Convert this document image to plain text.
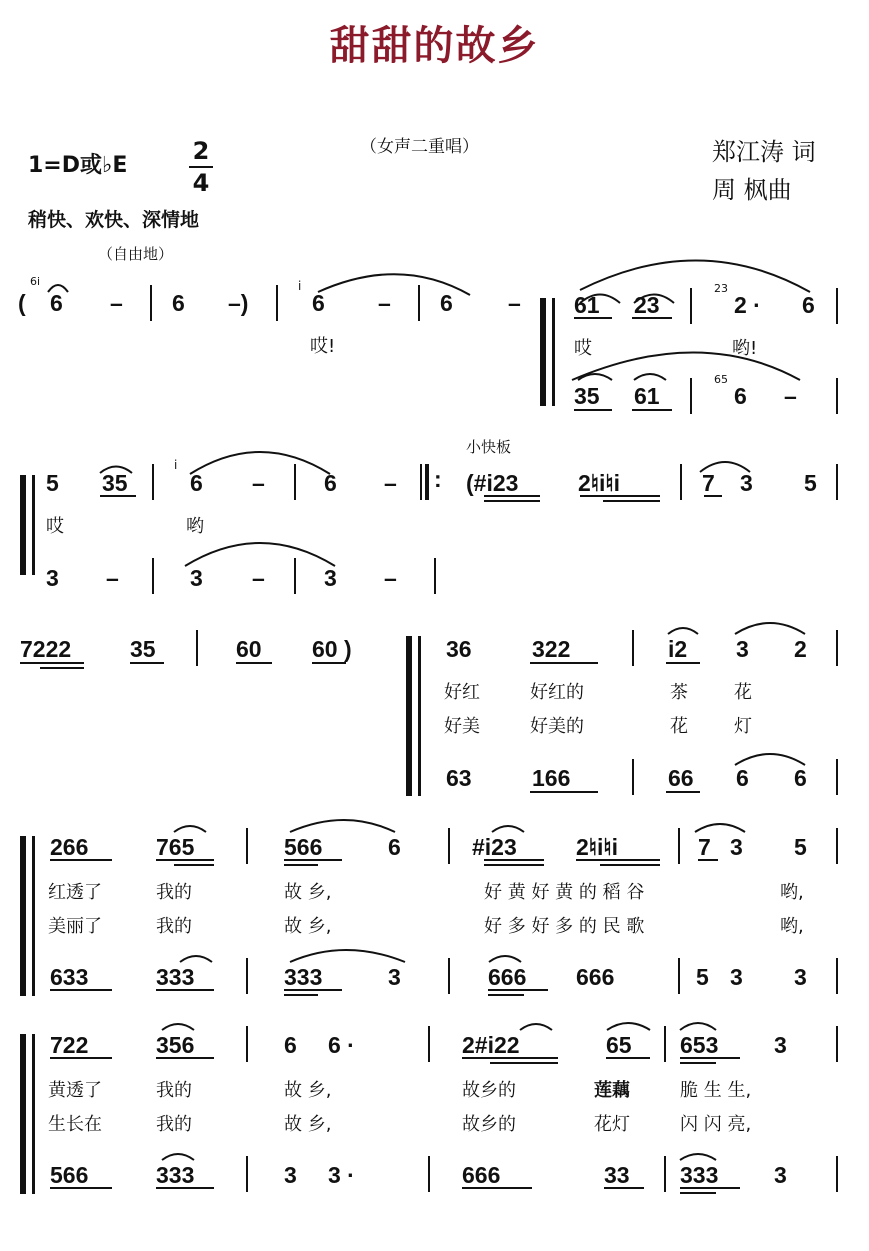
甜甜的故乡
1=D或♭E
2
4
稍快、欢快、深情地
（女声二重唱）	郑江涛 词
周 枫曲
（自由地）
小快板
6i
( 6 – 6 –)
i
6 – 6 –
哎!
61 23
23
2 · 6
哎	哟!
35 61
65
6 –
5 35
i
6 –	6 – : (#i23	2♮i♮i	7 3 5
哎	哟
3 –	3 –	3 –
7222	35	60 60 )	36	322	i2 3 2
好红	好红的	茶	花
好美	好美的	花	灯
63	166	66 6 6
266	765	566	6	#i23	2♮i♮i	7 3 5
红透了	我的	故 乡,	好 黄 好 黄 的 稻 谷	哟,
美丽了	我的	故 乡,	好 多 好 多 的 民 歌	哟,
633	333	333	3	666 666	5 3 3
722	356	6 6 ·	2#i22	65 653 3
黄透了	我的	故 乡,	故乡的	莲藕	脆 生 生,
生长在	我的	故 乡,	故乡的	花灯	闪 闪 亮,
566	333	3 3 ·	666	33 333 3
